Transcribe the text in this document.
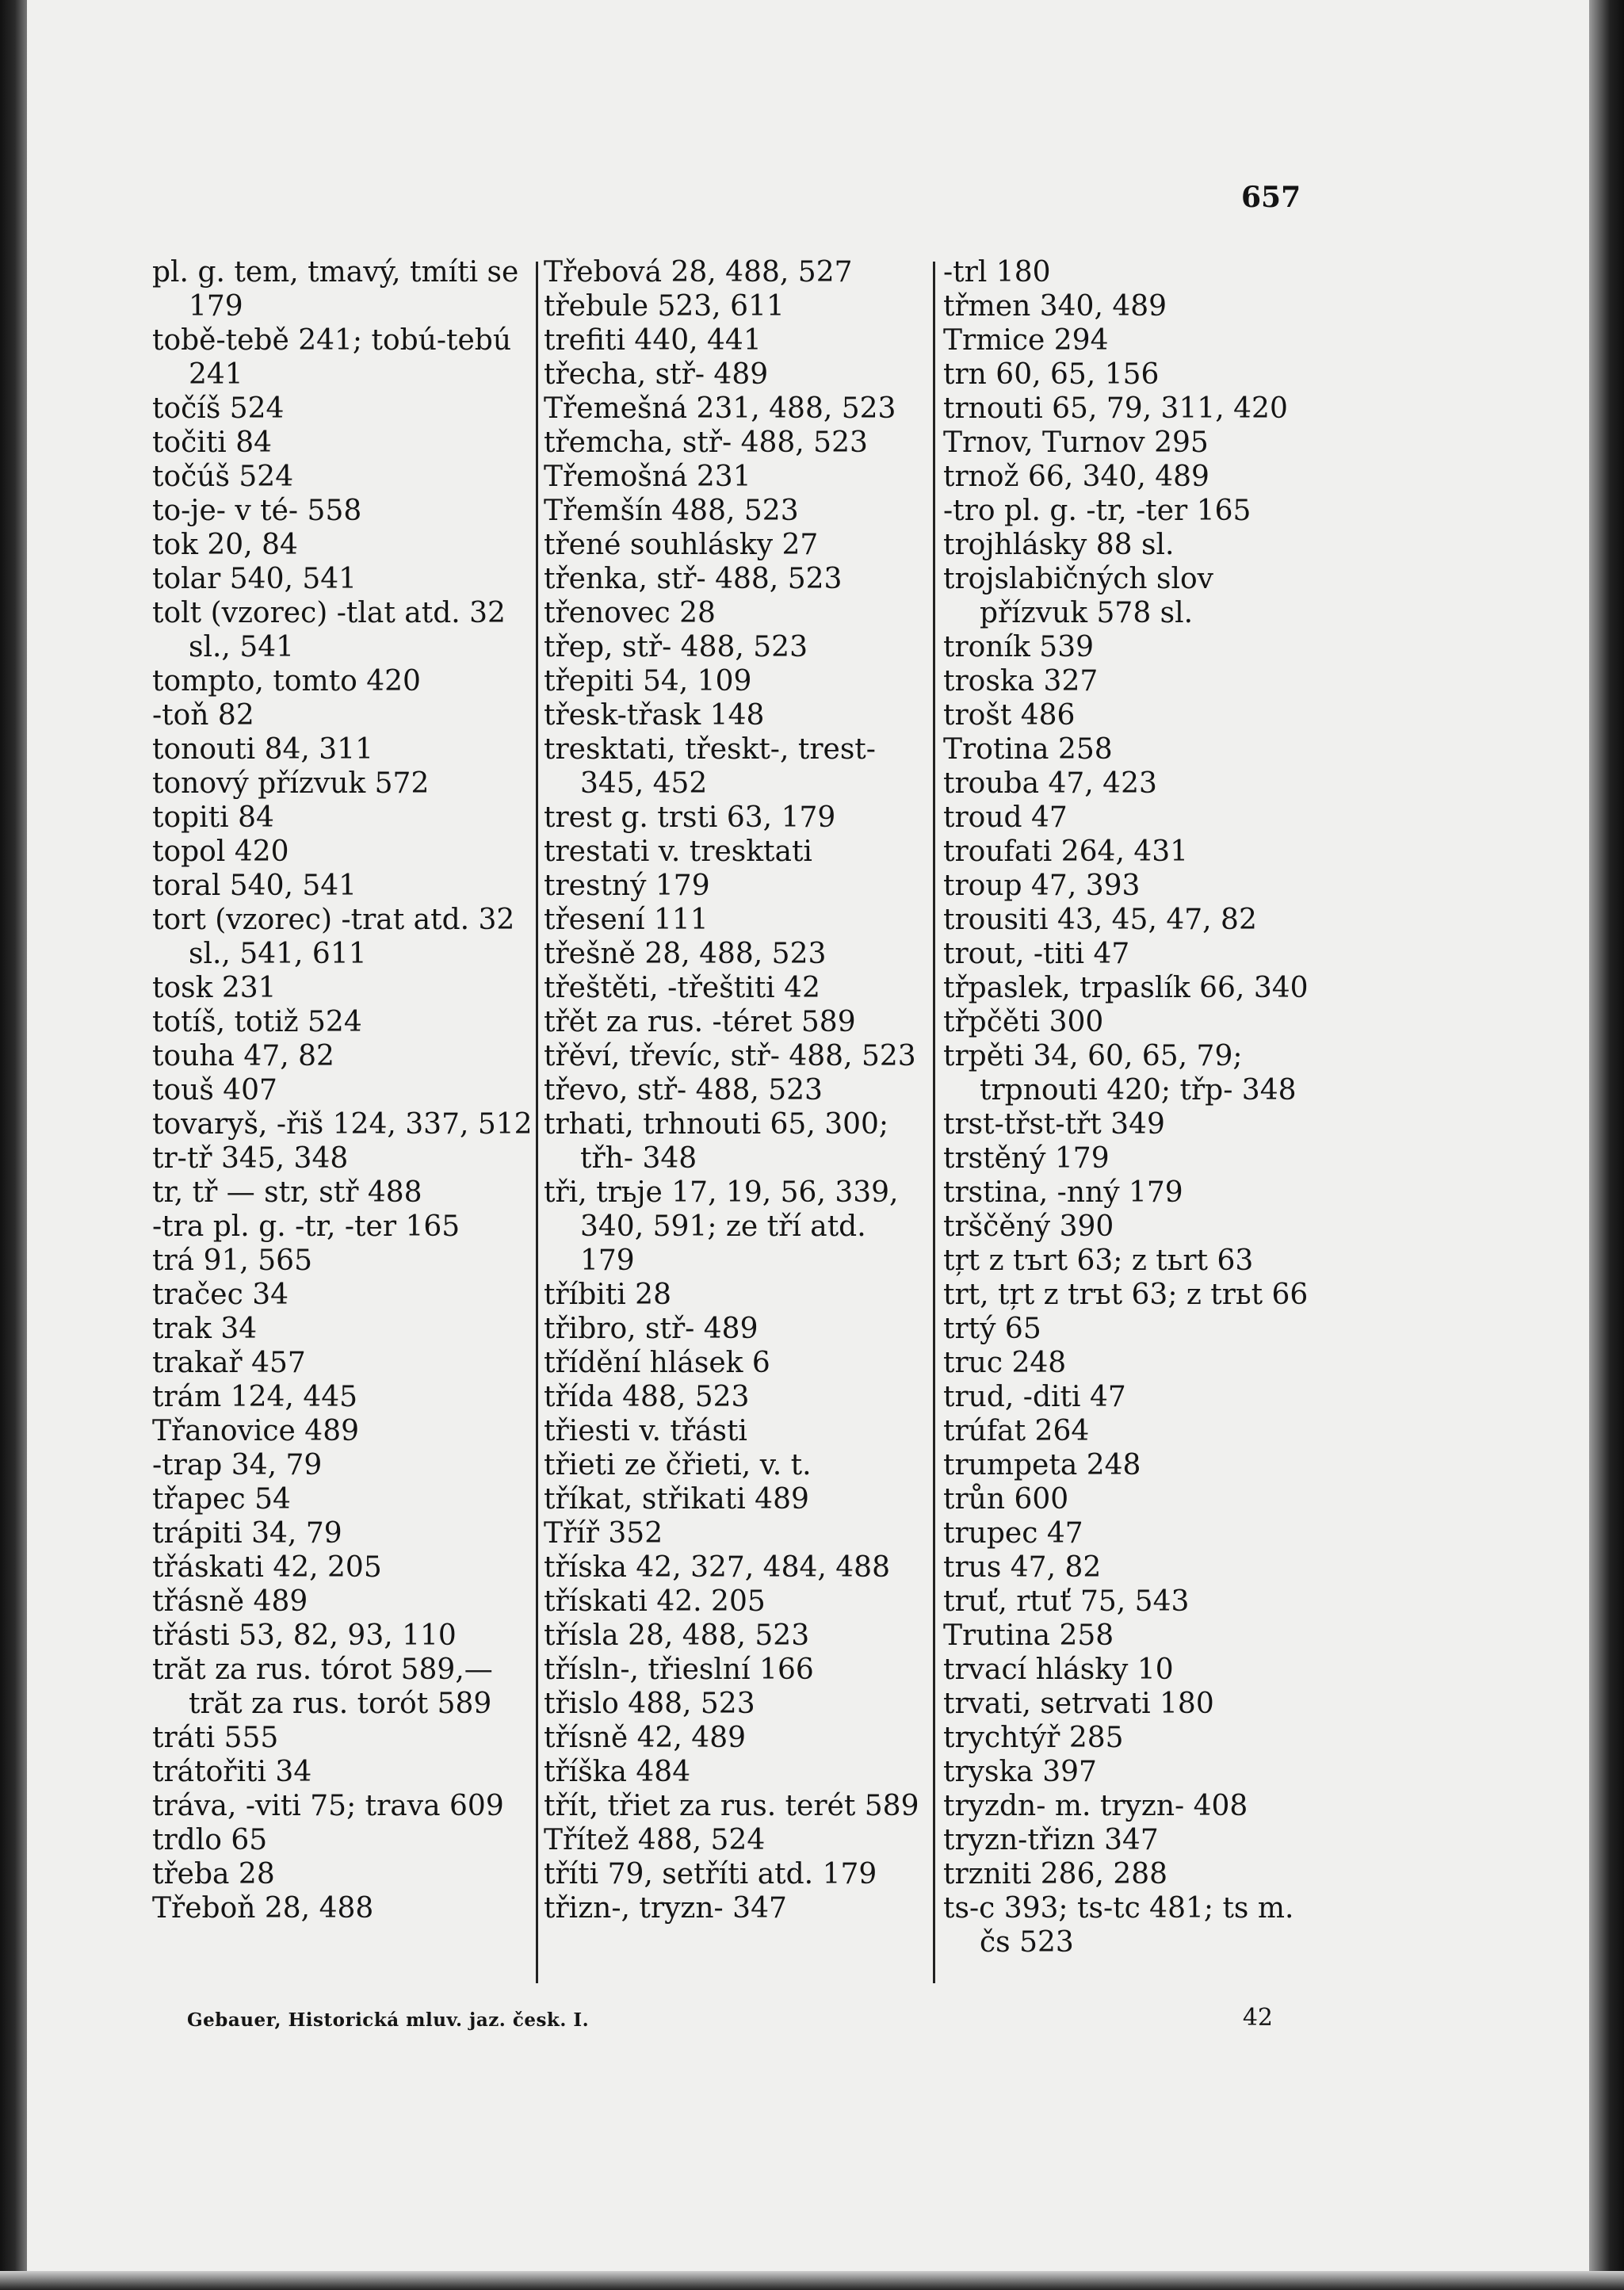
657
pl. g. tem, tmavý, tmíti se 179
tobě-tebě 241; tobú-tebú 241
točíš 524
točiti 84
točúš 524
to-je- v té- 558
tok 20, 84
tolar 540, 541
tolt (vzorec) -tlat atd. 32 sl., 541
tompto, tomto 420
-toň 82
tonouti 84, 311
tonový přízvuk 572
topiti 84
topol 420
toral 540, 541
tort (vzorec) -trat atd. 32 sl., 541, 611
tosk 231
totíš, totiž 524
touha 47, 82
touš 407
tovaryš, -řiš 124, 337, 512
tr-tř 345, 348
tr, tř — str, stř 488
-tra pl. g. -tr, -ter 165
trá 91, 565
tračec 34
trak 34
trakař 457
trám 124, 445
Třanovice 489
-trap 34, 79
třapec 54
trápiti 34, 79
třáskati 42, 205
třásně 489
třásti 53, 82, 93, 110
trăt za rus. tórot 589,— trăt za rus. torót 589
tráti 555
trátořiti 34
tráva, -viti 75; trava 609
trdlo 65
třeba 28
Třeboň 28, 488
Třebová 28, 488, 527
třebule 523, 611
trefiti 440, 441
třecha, stř- 489
Třemešná 231, 488, 523
třemcha, stř- 488, 523
Třemošná 231
Třemšín 488, 523
třené souhlásky 27
třenka, stř- 488, 523
třenovec 28
třep, stř- 488, 523
třepiti 54, 109
třesk-třask 148
tresktati, třeskt-, trest- 345, 452
trest g. trsti 63, 179
trestati v. tresktati
trestný 179
třesení 111
třešně 28, 488, 523
třeštěti, -třeštiti 42
třět za rus. -téret 589
třěví, třevíc, stř- 488, 523
třevo, stř- 488, 523
trhati, trhnouti 65, 300; třh- 348
tři, trьje 17, 19, 56, 339, 340, 591; ze tří atd. 179
tříbiti 28
třibro, stř- 489
třídění hlásek 6
třída 488, 523
třiesti v. třásti
třieti ze čřieti, v. t.
tříkat, střikati 489
Tříř 352
tříska 42, 327, 484, 488
třískati 42. 205
třísla 28, 488, 523
třísln-, třieslní 166
třislo 488, 523
třísně 42, 489
tříška 484
třít, třiet za rus. terét 589
Třítež 488, 524
tříti 79, setříti atd. 179
třizn-, tryzn- 347
-trl 180
třmen 340, 489
Trmice 294
trn 60, 65, 156
trnouti 65, 79, 311, 420
Trnov, Turnov 295
trnož 66, 340, 489
-tro pl. g. -tr, -ter 165
trojhlásky 88 sl.
trojslabičných slov přízvuk 578 sl.
troník 539
troska 327
trošt 486
Trotina 258
trouba 47, 423
troud 47
troufati 264, 431
troup 47, 393
trousiti 43, 45, 47, 82
trout, -titi 47
třpaslek, trpaslík 66, 340
třpčěti 300
trpěti 34, 60, 65, 79; trpnouti 420; třp- 348
trst-třst-třt 349
trstěný 179
trstina, -nný 179
trščěný 390
tŗt z tъrt 63; z tьrt 63
trt, tŗt z trъt 63; z trьt 66
trtý 65
truc 248
trud, -diti 47
trúfat 264
trumpeta 248
trůn 600
trupec 47
trus 47, 82
truť, rtuť 75, 543
Trutina 258
trvací hlásky 10
trvati, setrvati 180
trychtýř 285
tryska 397
tryzdn- m. tryzn- 408
tryzn-třizn 347
trzniti 286, 288
ts-c 393; ts-tc 481; ts m. čs 523
Gebauer, Historická mluv. jaz. česk. I.	42
